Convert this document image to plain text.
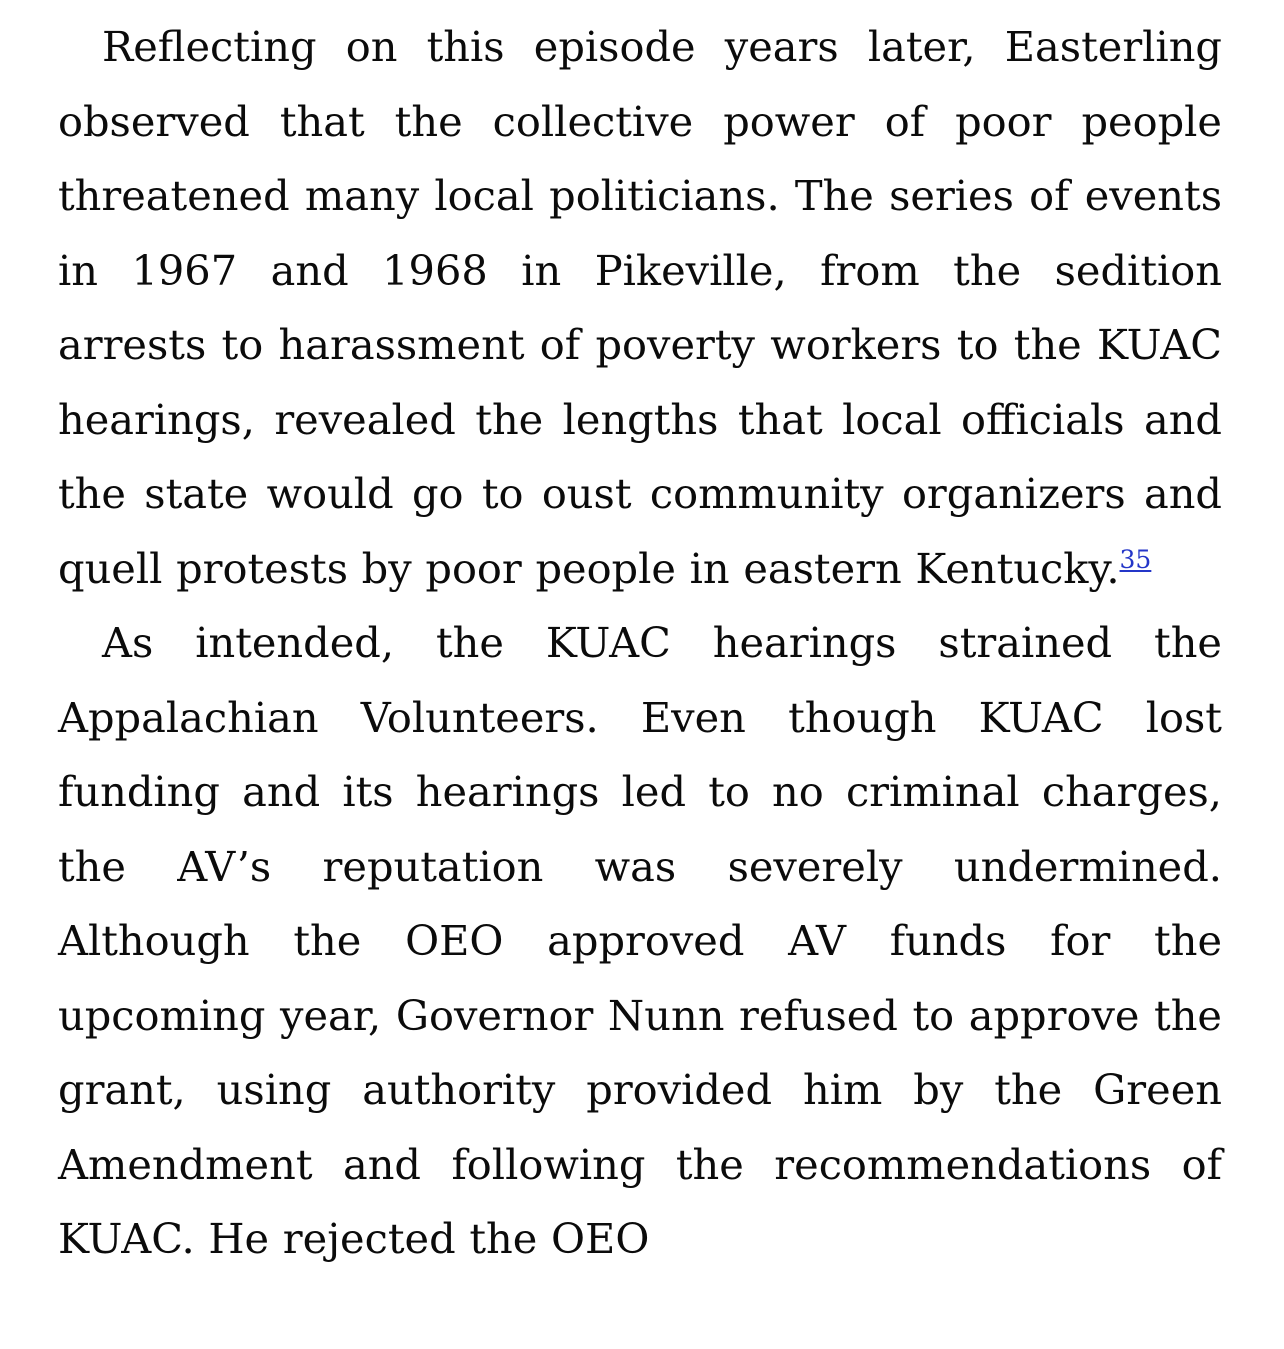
Reflecting on this episode years later, Easterling observed that the collective power of poor people threatened many local politicians. The series of events in 1967 and 1968 in Pikeville, from the sedition arrests to harassment of poverty workers to the KUAC hearings, revealed the lengths that local officials and the state would go to oust community organizers and quell protests by poor people in eastern Kentucky.$^{35}$

As intended, the KUAC hearings strained the Appalachian Volunteers. Even though KUAC lost funding and its hearings led to no criminal charges, the AV’s reputation was severely undermined. Although the OEO approved AV funds for the upcoming year, Governor Nunn refused to approve the grant, using authority provided him by the Green Amendment and following the recommendations of KUAC. He rejected the OEO
